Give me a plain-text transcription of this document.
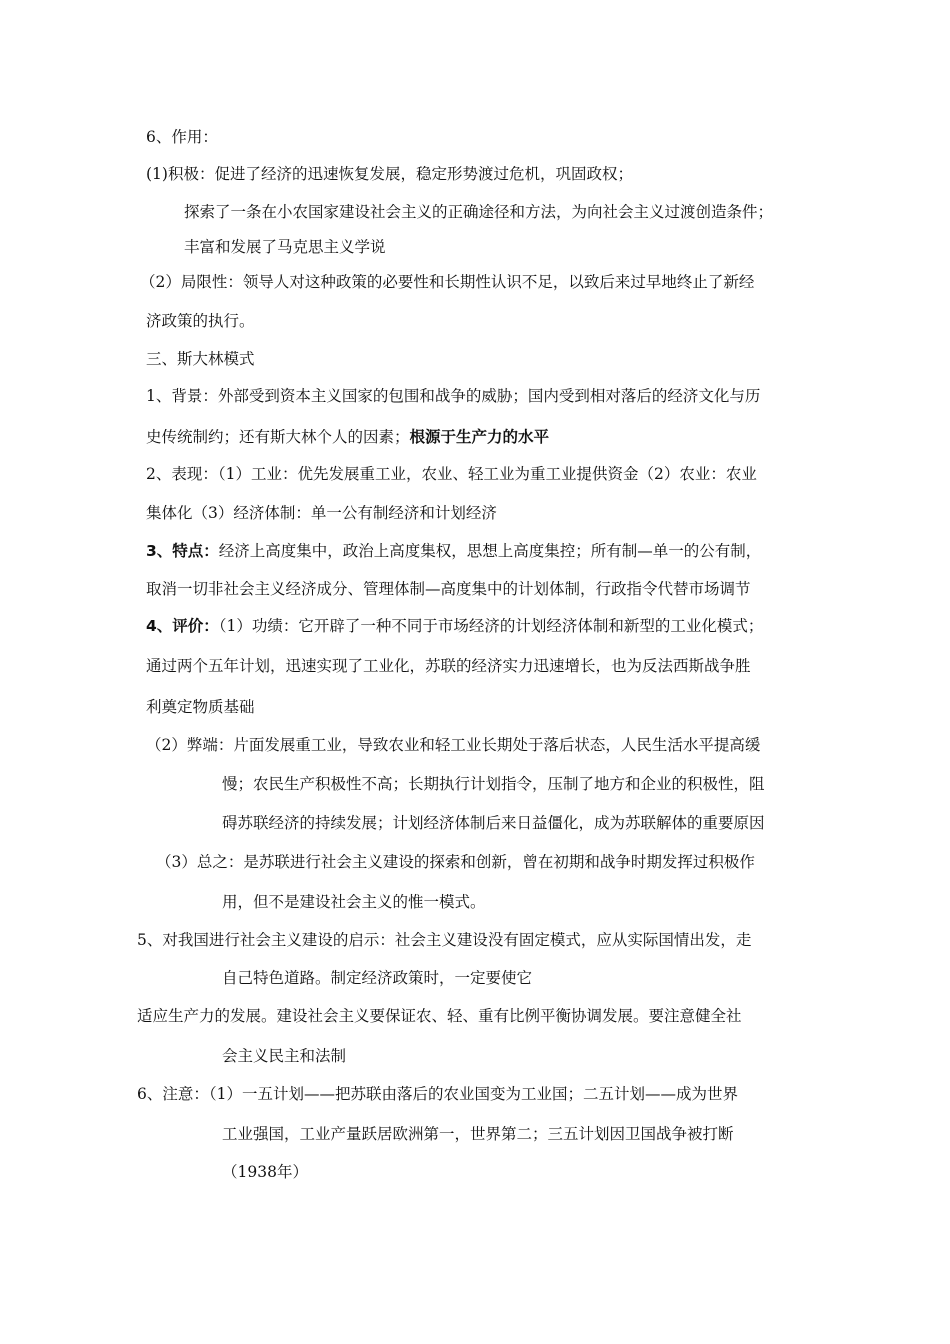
6、作用：
(1)积极：促进了经济的迅速恢复发展，稳定形势渡过危机，巩固政权；
探索了一条在小农国家建设社会主义的正确途径和方法，为向社会主义过渡创造条件；
丰富和发展了马克思主义学说
（2）局限性：领导人对这种政策的必要性和长期性认识不足，以致后来过早地终止了新经
济政策的执行。
三、斯大林模式
1、背景：外部受到资本主义国家的包围和战争的威胁；国内受到相对落后的经济文化与历
史传统制约；还有斯大林个人的因素；根源于生产力的水平
2、表现：（1）工业：优先发展重工业，农业、轻工业为重工业提供资金（2）农业：农业
集体化（3）经济体制：单一公有制经济和计划经济
3、特点：经济上高度集中，政治上高度集权，思想上高度集控；所有制—单一的公有制，
取消一切非社会主义经济成分、管理体制—高度集中的计划体制，行政指令代替市场调节
4、评价：（1）功绩：它开辟了一种不同于市场经济的计划经济体制和新型的工业化模式；
通过两个五年计划，迅速实现了工业化，苏联的经济实力迅速增长，也为反法西斯战争胜
利奠定物质基础
（2）弊端：片面发展重工业，导致农业和轻工业长期处于落后状态，人民生活水平提高缓
慢；农民生产积极性不高；长期执行计划指令，压制了地方和企业的积极性，阻
碍苏联经济的持续发展；计划经济体制后来日益僵化，成为苏联解体的重要原因
（3）总之：是苏联进行社会主义建设的探索和创新，曾在初期和战争时期发挥过积极作
用，但不是建设社会主义的惟一模式。
5、对我国进行社会主义建设的启示：社会主义建设没有固定模式，应从实际国情出发，走
自己特色道路。制定经济政策时，一定要使它
适应生产力的发展。建设社会主义要保证农、轻、重有比例平衡协调发展。要注意健全社
会主义民主和法制
6、注意：（1）一五计划——把苏联由落后的农业国变为工业国；二五计划——成为世界
工业强国，工业产量跃居欧洲第一，世界第二；三五计划因卫国战争被打断
（1938年）
